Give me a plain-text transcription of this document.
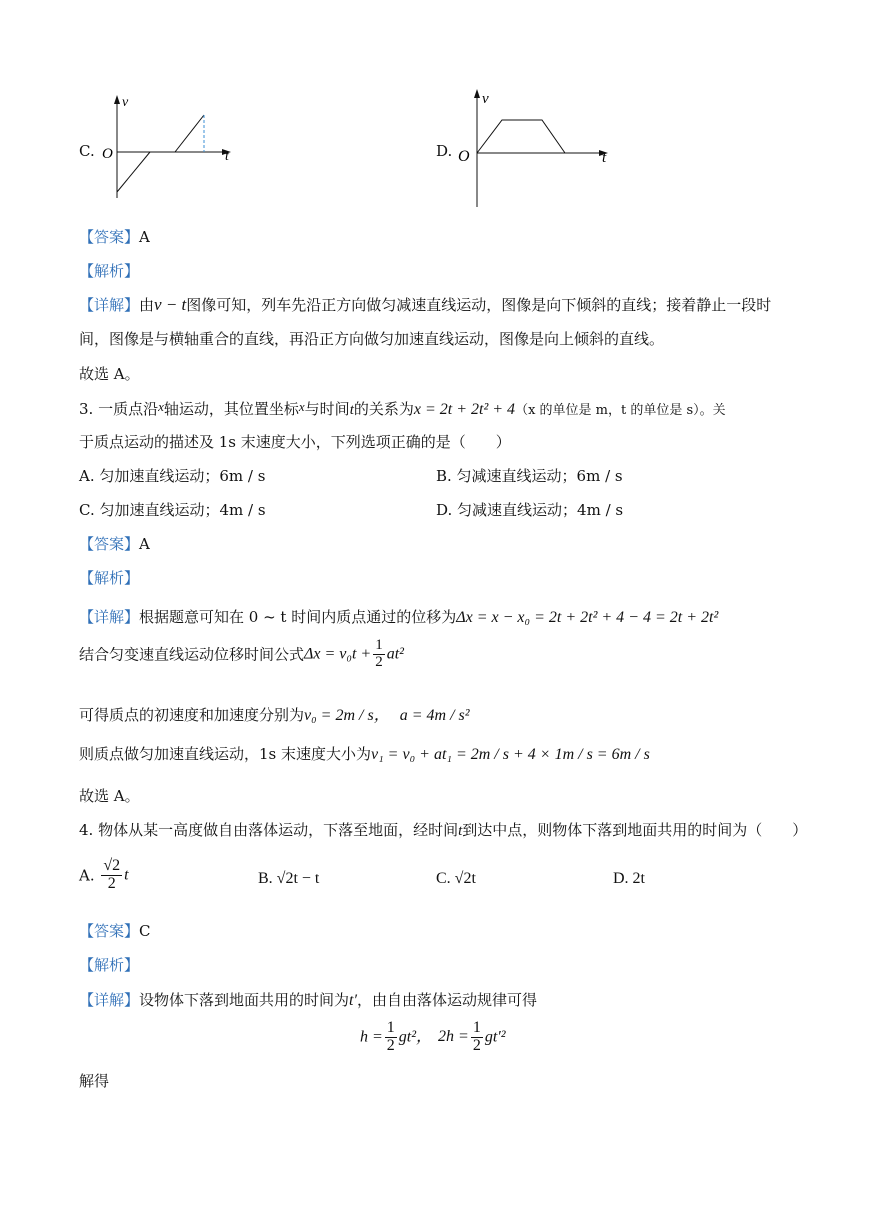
C.
v
t
O	D.
v
t
O
【答案】A
【解析】
【详解】由v − t图像可知，列车先沿正方向做匀减速直线运动，图像是向下倾斜的直线；接着静止一段时
间，图像是与横轴重合的直线，再沿正方向做匀加速直线运动，图像是向上倾斜的直线。
故选 A。
3. 一质点沿x轴运动，其位置坐标x与时间t的关系为x = 2t + 2t² + 4（x 的单位是 m，t 的单位是 s）。关
于质点运动的描述及 1s 末速度大小，下列选项正确的是（　　）
A. 匀加速直线运动；6m / s	B. 匀减速直线运动；6m / s
C. 匀加速直线运动；4m / s	D. 匀减速直线运动；4m / s
【答案】A
【解析】
【详解】根据题意可知在 0 ~ t 时间内质点通过的位移为Δx = x − x₀ = 2t + 2t² + 4 − 4 = 2t + 2t²
结合匀变速直线运动位移时间公式$\Delta x = v_0t + \frac{1}{2} at^2$
可得质点的初速度和加速度分别为v₀ = 2m / s， a = 4m / s²
则质点做匀加速直线运动，1s 末速度大小为v₁ = v₀ + at₁ = 2m / s + 4 × 1m / s = 6m / s
故选 A。
4. 物体从某一高度做自由落体运动，下落至地面，经时间t到达中点，则物体下落到地面共用的时间为（　　）
A. $\frac{√2}{2}$ t	B. √2t − t	C. √2t	D. 2t
【答案】C
【解析】
【详解】设物体下落到地面共用的时间为t′，由自由落体运动规律可得
$h = \frac{1}{2} gt^2$， $2h = \frac{1}{2} gt'^2$
解得
